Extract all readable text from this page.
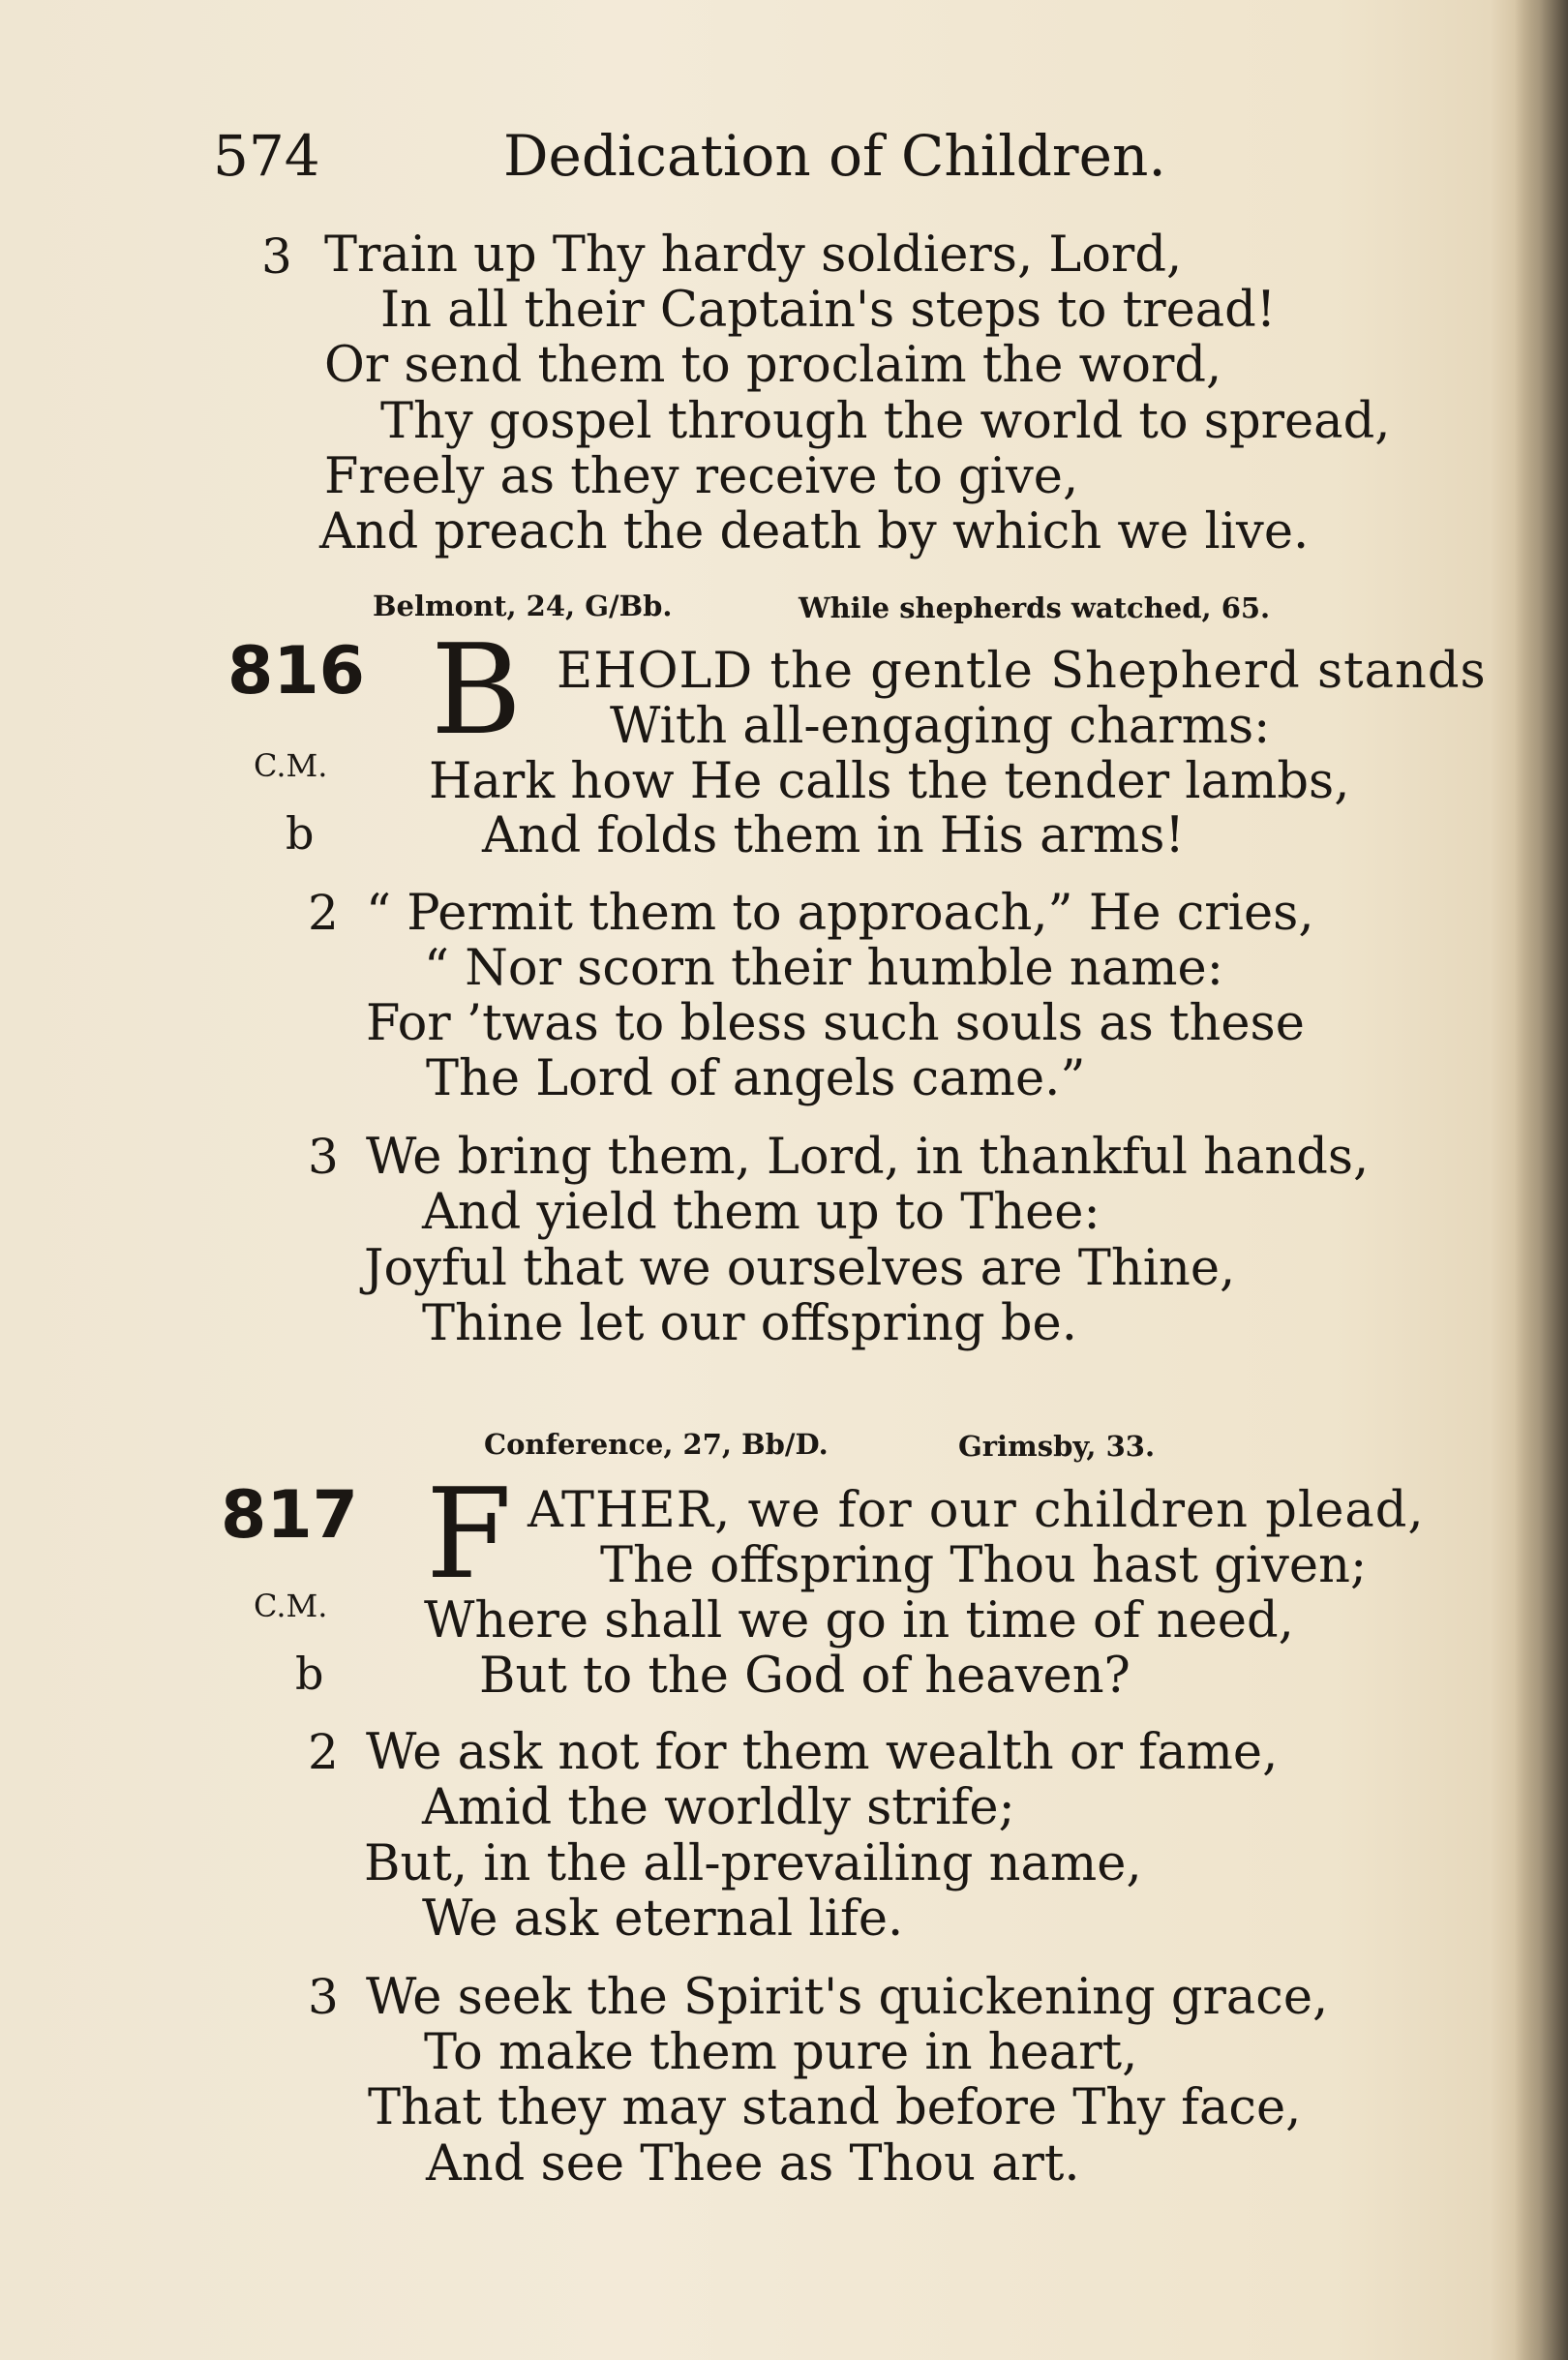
574	Dedication of Children.
3 Train up Thy hardy soldiers, Lord,
In all their Captain's steps to tread!
Or send them to proclaim the word,
Thy gospel through the world to spread,
Freely as they receive to give,
And preach the death by which we live.
Belmont, 24, G/Bb.	While shepherds watched, 65.
816 B EHOLD the gentle Shepherd stands
With all-engaging charms:
C.M. Hark how He calls the tender lambs,
b	And folds them in His arms!
2 “ Permit them to approach,” He cries,
“ Nor scorn their humble name:
For ’twas to bless such souls as these
The Lord of angels came.”
3 We bring them, Lord, in thankful hands,
And yield them up to Thee:
Joyful that we ourselves are Thine,
Thine let our offspring be.
Conference, 27, Bb/D.	Grimsby, 33.
817 F ATHER, we for our children plead,
The offspring Thou hast given;
C.M. Where shall we go in time of need,
b	But to the God of heaven?
2 We ask not for them wealth or fame,
Amid the worldly strife;
But, in the all-prevailing name,
We ask eternal life.
3 We seek the Spirit's quickening grace,
To make them pure in heart,
That they may stand before Thy face,
And see Thee as Thou art.
